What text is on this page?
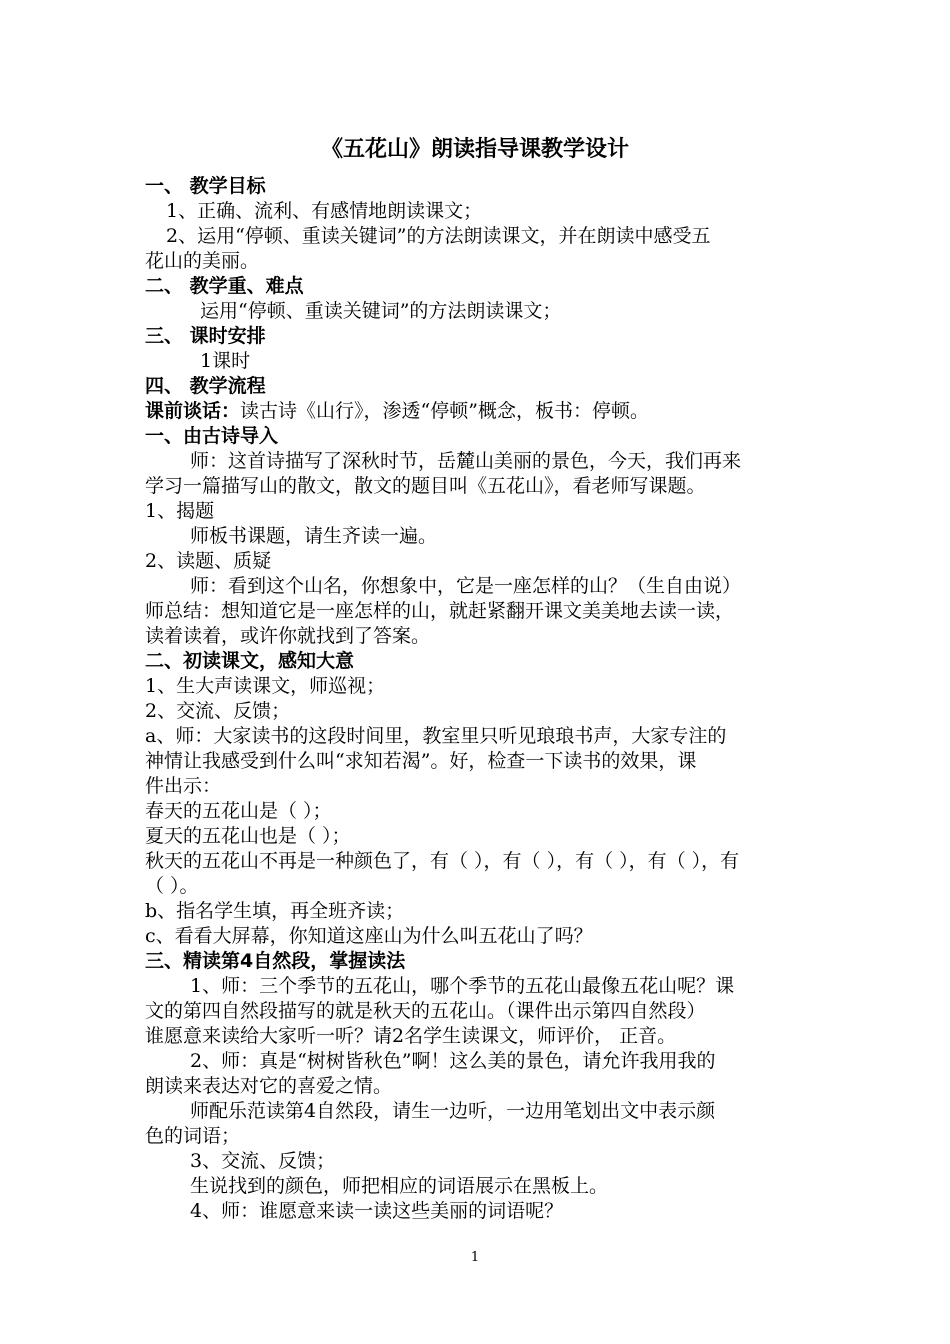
《五花山》朗读指导课教学设计
一、 教学目标
1、正确、流利、有感情地朗读课文；
2、运用“停顿、重读关键词”的方法朗读课文，并在朗读中感受五
花山的美丽。
二、 教学重、难点
运用“停顿、重读关键词”的方法朗读课文；
三、 课时安排
1课时
四、 教学流程
课前谈话：读古诗《山行》，渗透“停顿”概念，板书：停顿。
一、由古诗导入
师：这首诗描写了深秋时节，岳麓山美丽的景色，今天，我们再来
学习一篇描写山的散文，散文的题目叫《五花山》，看老师写课题。
1、揭题
师板书课题，请生齐读一遍。
2、读题、质疑
师：看到这个山名，你想象中，它是一座怎样的山？（生自由说）
师总结：想知道它是一座怎样的山，就赶紧翻开课文美美地去读一读，
读着读着，或许你就找到了答案。
二、初读课文，感知大意
1、生大声读课文，师巡视；
2、交流、反馈；
a、师：大家读书的这段时间里，教室里只听见琅琅书声，大家专注的
神情让我感受到什么叫“求知若渴”。好，检查一下读书的效果，课
件出示：
春天的五花山是（ ）；
夏天的五花山也是（ ）；
秋天的五花山不再是一种颜色了，有（ ），有（ ），有（ ），有（ ），有
（ ）。
b、指名学生填，再全班齐读；
c、看看大屏幕，你知道这座山为什么叫五花山了吗？
三、精读第4自然段，掌握读法
1、师：三个季节的五花山，哪个季节的五花山最像五花山呢？课
文的第四自然段描写的就是秋天的五花山。（课件出示第四自然段）
谁愿意来读给大家听一听？请2名学生读课文，师评价， 正音。
2、师：真是“树树皆秋色”啊！这么美的景色，请允许我用我的
朗读来表达对它的喜爱之情。
师配乐范读第4自然段，请生一边听，一边用笔划出文中表示颜
色的词语；
3、交流、反馈；
生说找到的颜色，师把相应的词语展示在黑板上。
4、师：谁愿意来读一读这些美丽的词语呢？
1
